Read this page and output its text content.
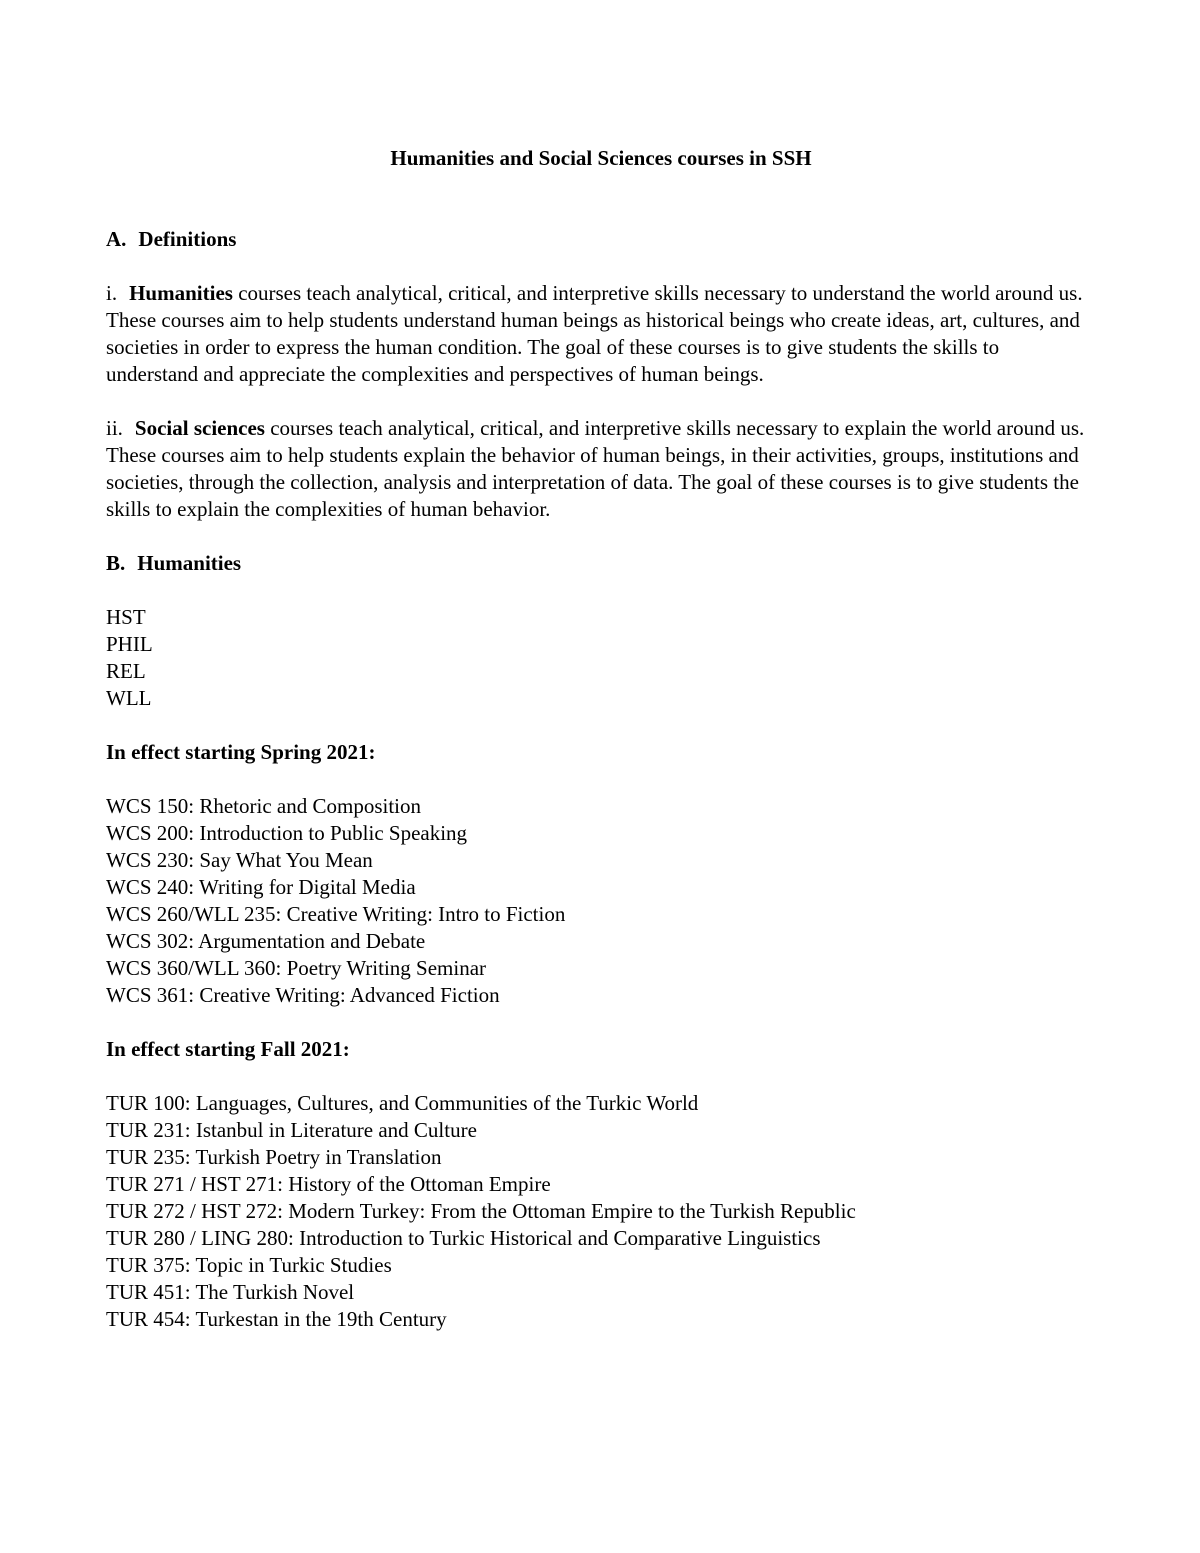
Humanities and Social Sciences courses in SSH

A. Definitions

i. Humanities courses teach analytical, critical, and interpretive skills necessary to understand the world around us. These courses aim to help students understand human beings as historical beings who create ideas, art, cultures, and societies in order to express the human condition. The goal of these courses is to give students the skills to understand and appreciate the complexities and perspectives of human beings.

ii. Social sciences courses teach analytical, critical, and interpretive skills necessary to explain the world around us. These courses aim to help students explain the behavior of human beings, in their activities, groups, institutions and societies, through the collection, analysis and interpretation of data. The goal of these courses is to give students the skills to explain the complexities of human behavior.

B. Humanities

HST

PHIL

REL

WLL

In effect starting Spring 2021:

WCS 150: Rhetoric and Composition

WCS 200: Introduction to Public Speaking

WCS 230: Say What You Mean

WCS 240: Writing for Digital Media

WCS 260/WLL 235: Creative Writing: Intro to Fiction

WCS 302: Argumentation and Debate

WCS 360/WLL 360: Poetry Writing Seminar

WCS 361: Creative Writing: Advanced Fiction

In effect starting Fall 2021:

TUR 100: Languages, Cultures, and Communities of the Turkic World

TUR 231: Istanbul in Literature and Culture

TUR 235: Turkish Poetry in Translation

TUR 271 / HST 271: History of the Ottoman Empire

TUR 272 / HST 272: Modern Turkey: From the Ottoman Empire to the Turkish Republic

TUR 280 / LING 280: Introduction to Turkic Historical and Comparative Linguistics

TUR 375: Topic in Turkic Studies

TUR 451: The Turkish Novel

TUR 454: Turkestan in the 19th Century
